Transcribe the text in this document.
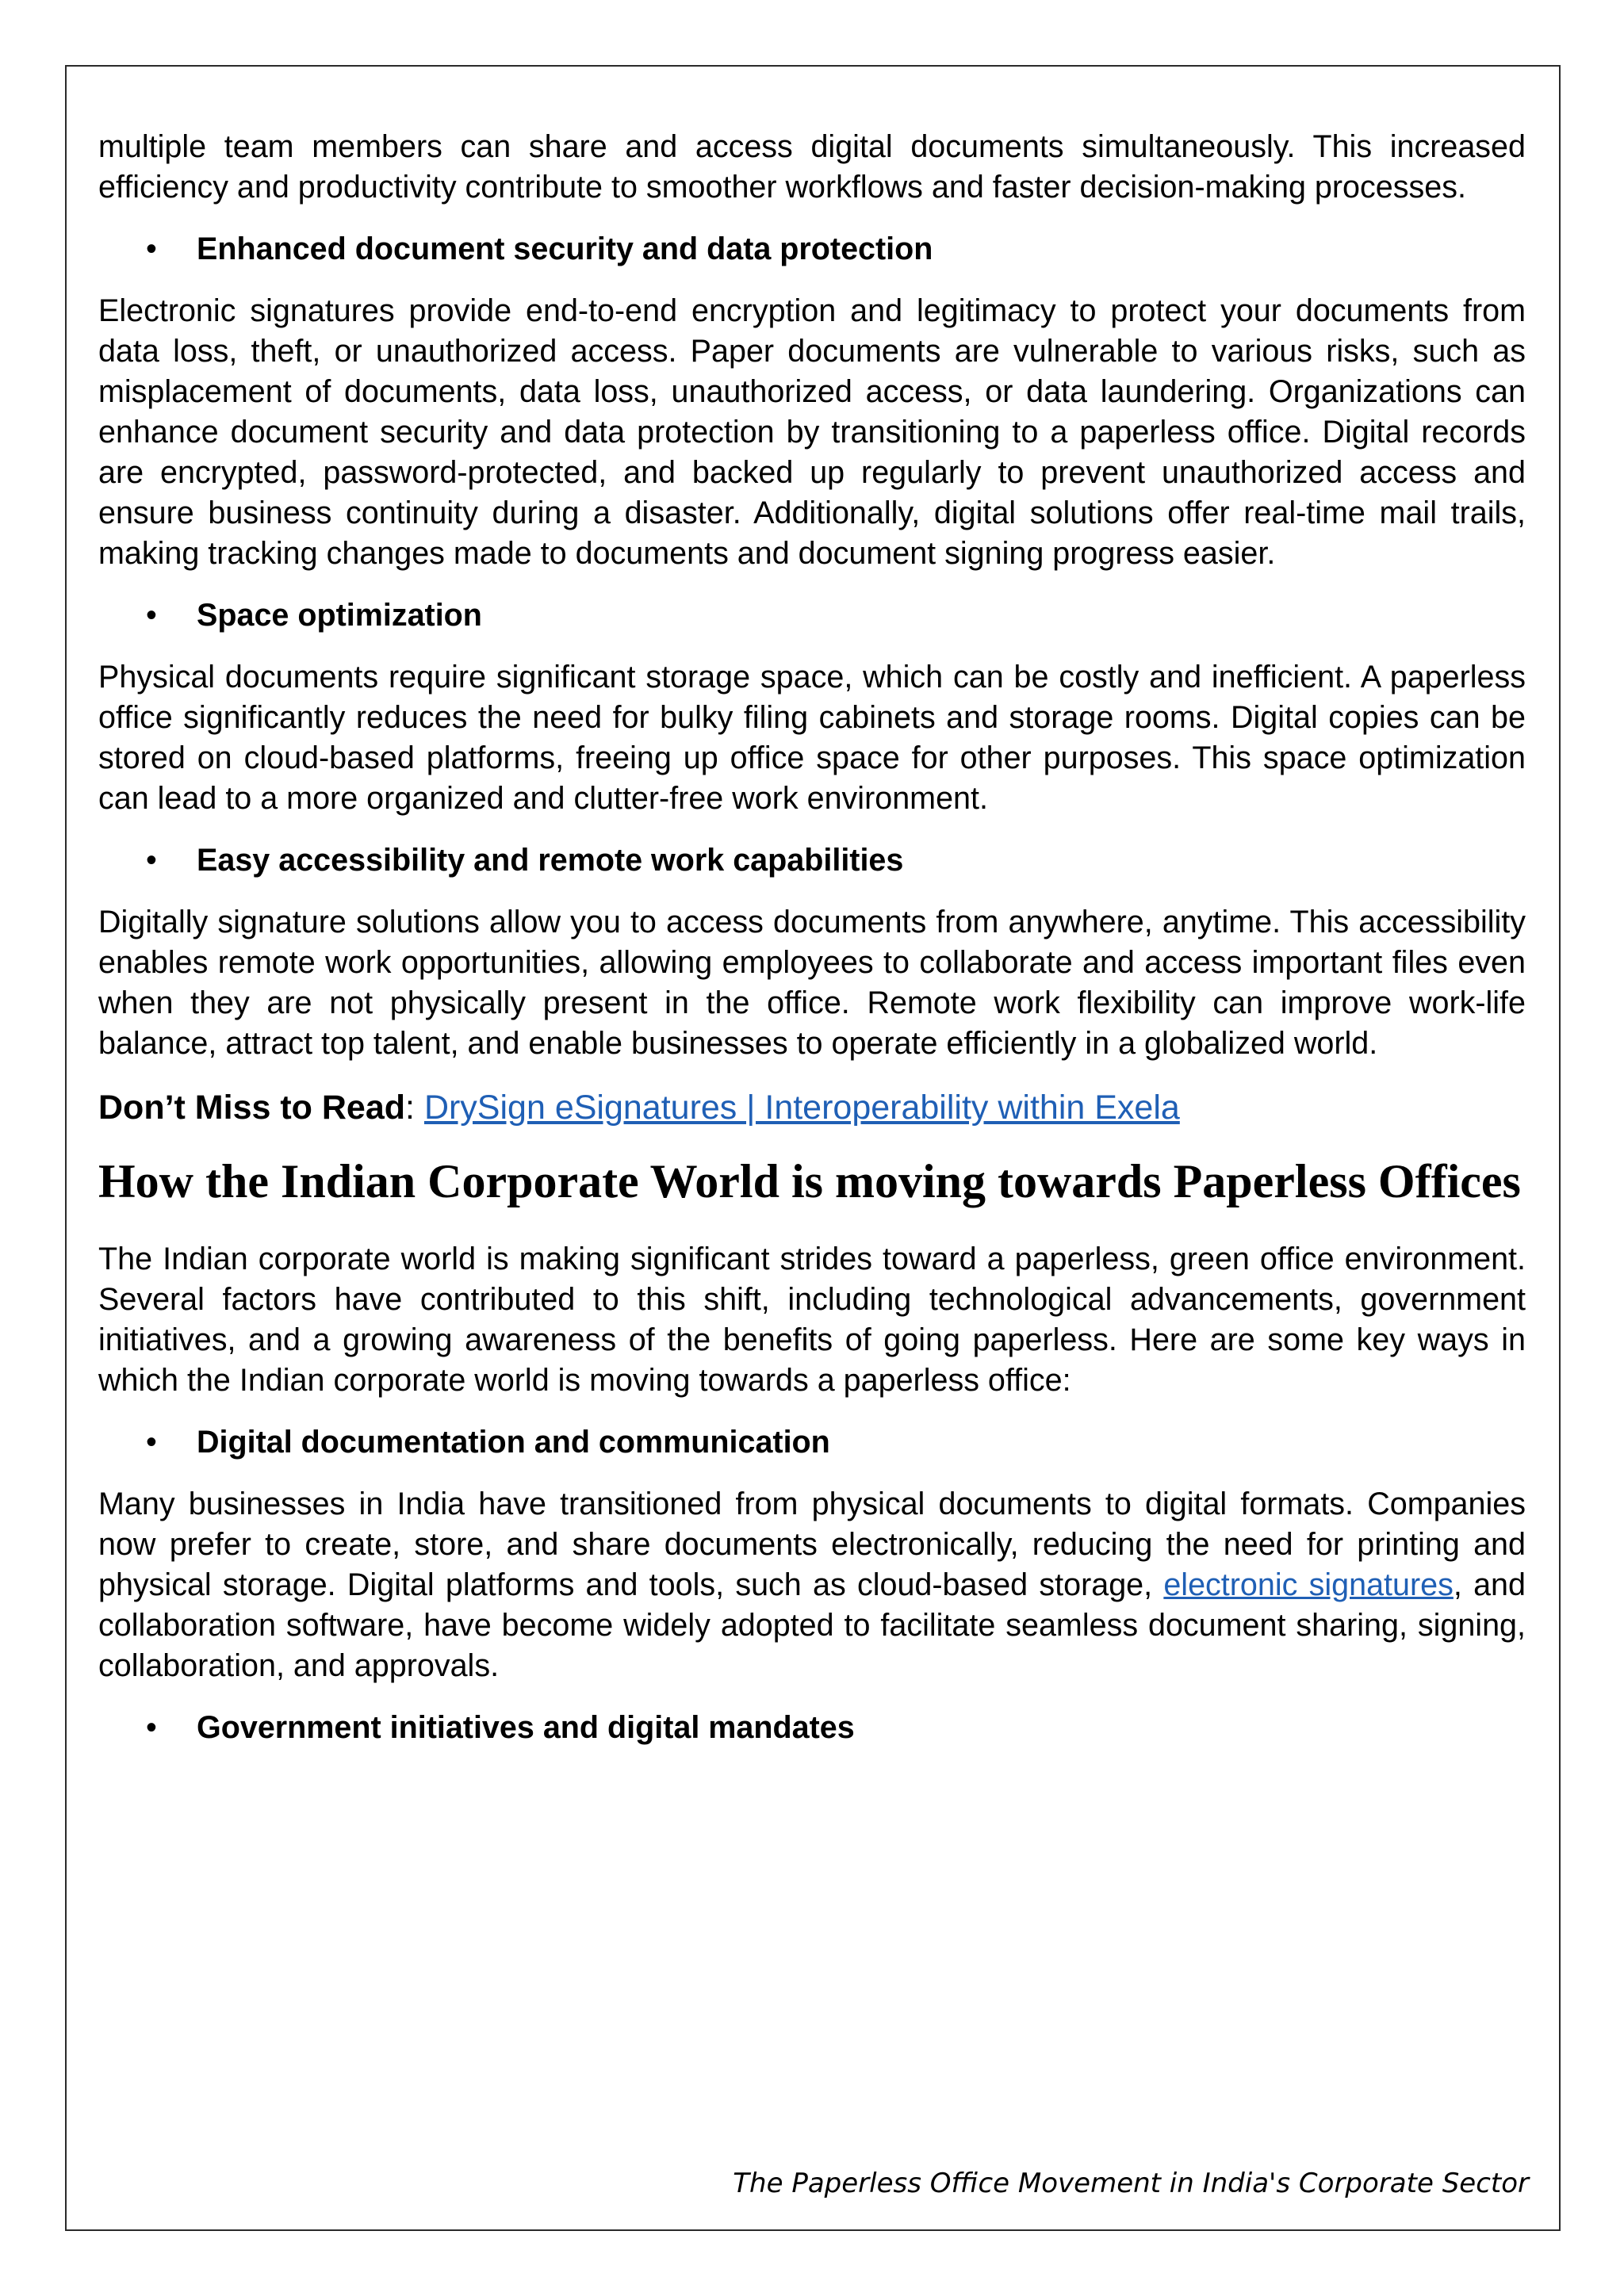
multiple team members can share and access digital documents simultaneously. This increased efficiency and productivity contribute to smoother workflows and faster decision-making processes.

•	Enhanced document security and data protection

Electronic signatures provide end-to-end encryption and legitimacy to protect your documents from data loss, theft, or unauthorized access. Paper documents are vulnerable to various risks, such as misplacement of documents, data loss, unauthorized access, or data laundering. Organizations can enhance document security and data protection by transitioning to a paperless office. Digital records are encrypted, password-protected, and backed up regularly to prevent unauthorized access and ensure business continuity during a disaster. Additionally, digital solutions offer real-time mail trails, making tracking changes made to documents and document signing progress easier.

•	Space optimization

Physical documents require significant storage space, which can be costly and inefficient. A paperless office significantly reduces the need for bulky filing cabinets and storage rooms. Digital copies can be stored on cloud-based platforms, freeing up office space for other purposes. This space optimization can lead to a more organized and clutter-free work environment.

•	Easy accessibility and remote work capabilities

Digitally signature solutions allow you to access documents from anywhere, anytime. This accessibility enables remote work opportunities, allowing employees to collaborate and access important files even when they are not physically present in the office. Remote work flexibility can improve work-life balance, attract top talent, and enable businesses to operate efficiently in a globalized world.

Don’t Miss to Read: DrySign eSignatures | Interoperability within Exela
How the Indian Corporate World is moving towards Paperless Offices

The Indian corporate world is making significant strides toward a paperless, green office environment. Several factors have contributed to this shift, including technological advancements, government initiatives, and a growing awareness of the benefits of going paperless. Here are some key ways in which the Indian corporate world is moving towards a paperless office:

•	Digital documentation and communication

Many businesses in India have transitioned from physical documents to digital formats. Companies now prefer to create, store, and share documents electronically, reducing the need for printing and physical storage. Digital platforms and tools, such as cloud-based storage, electronic signatures, and collaboration software, have become widely adopted to facilitate seamless document sharing, signing, collaboration, and approvals.

•	Government initiatives and digital mandates
The Paperless Office Movement in India's Corporate Sector
